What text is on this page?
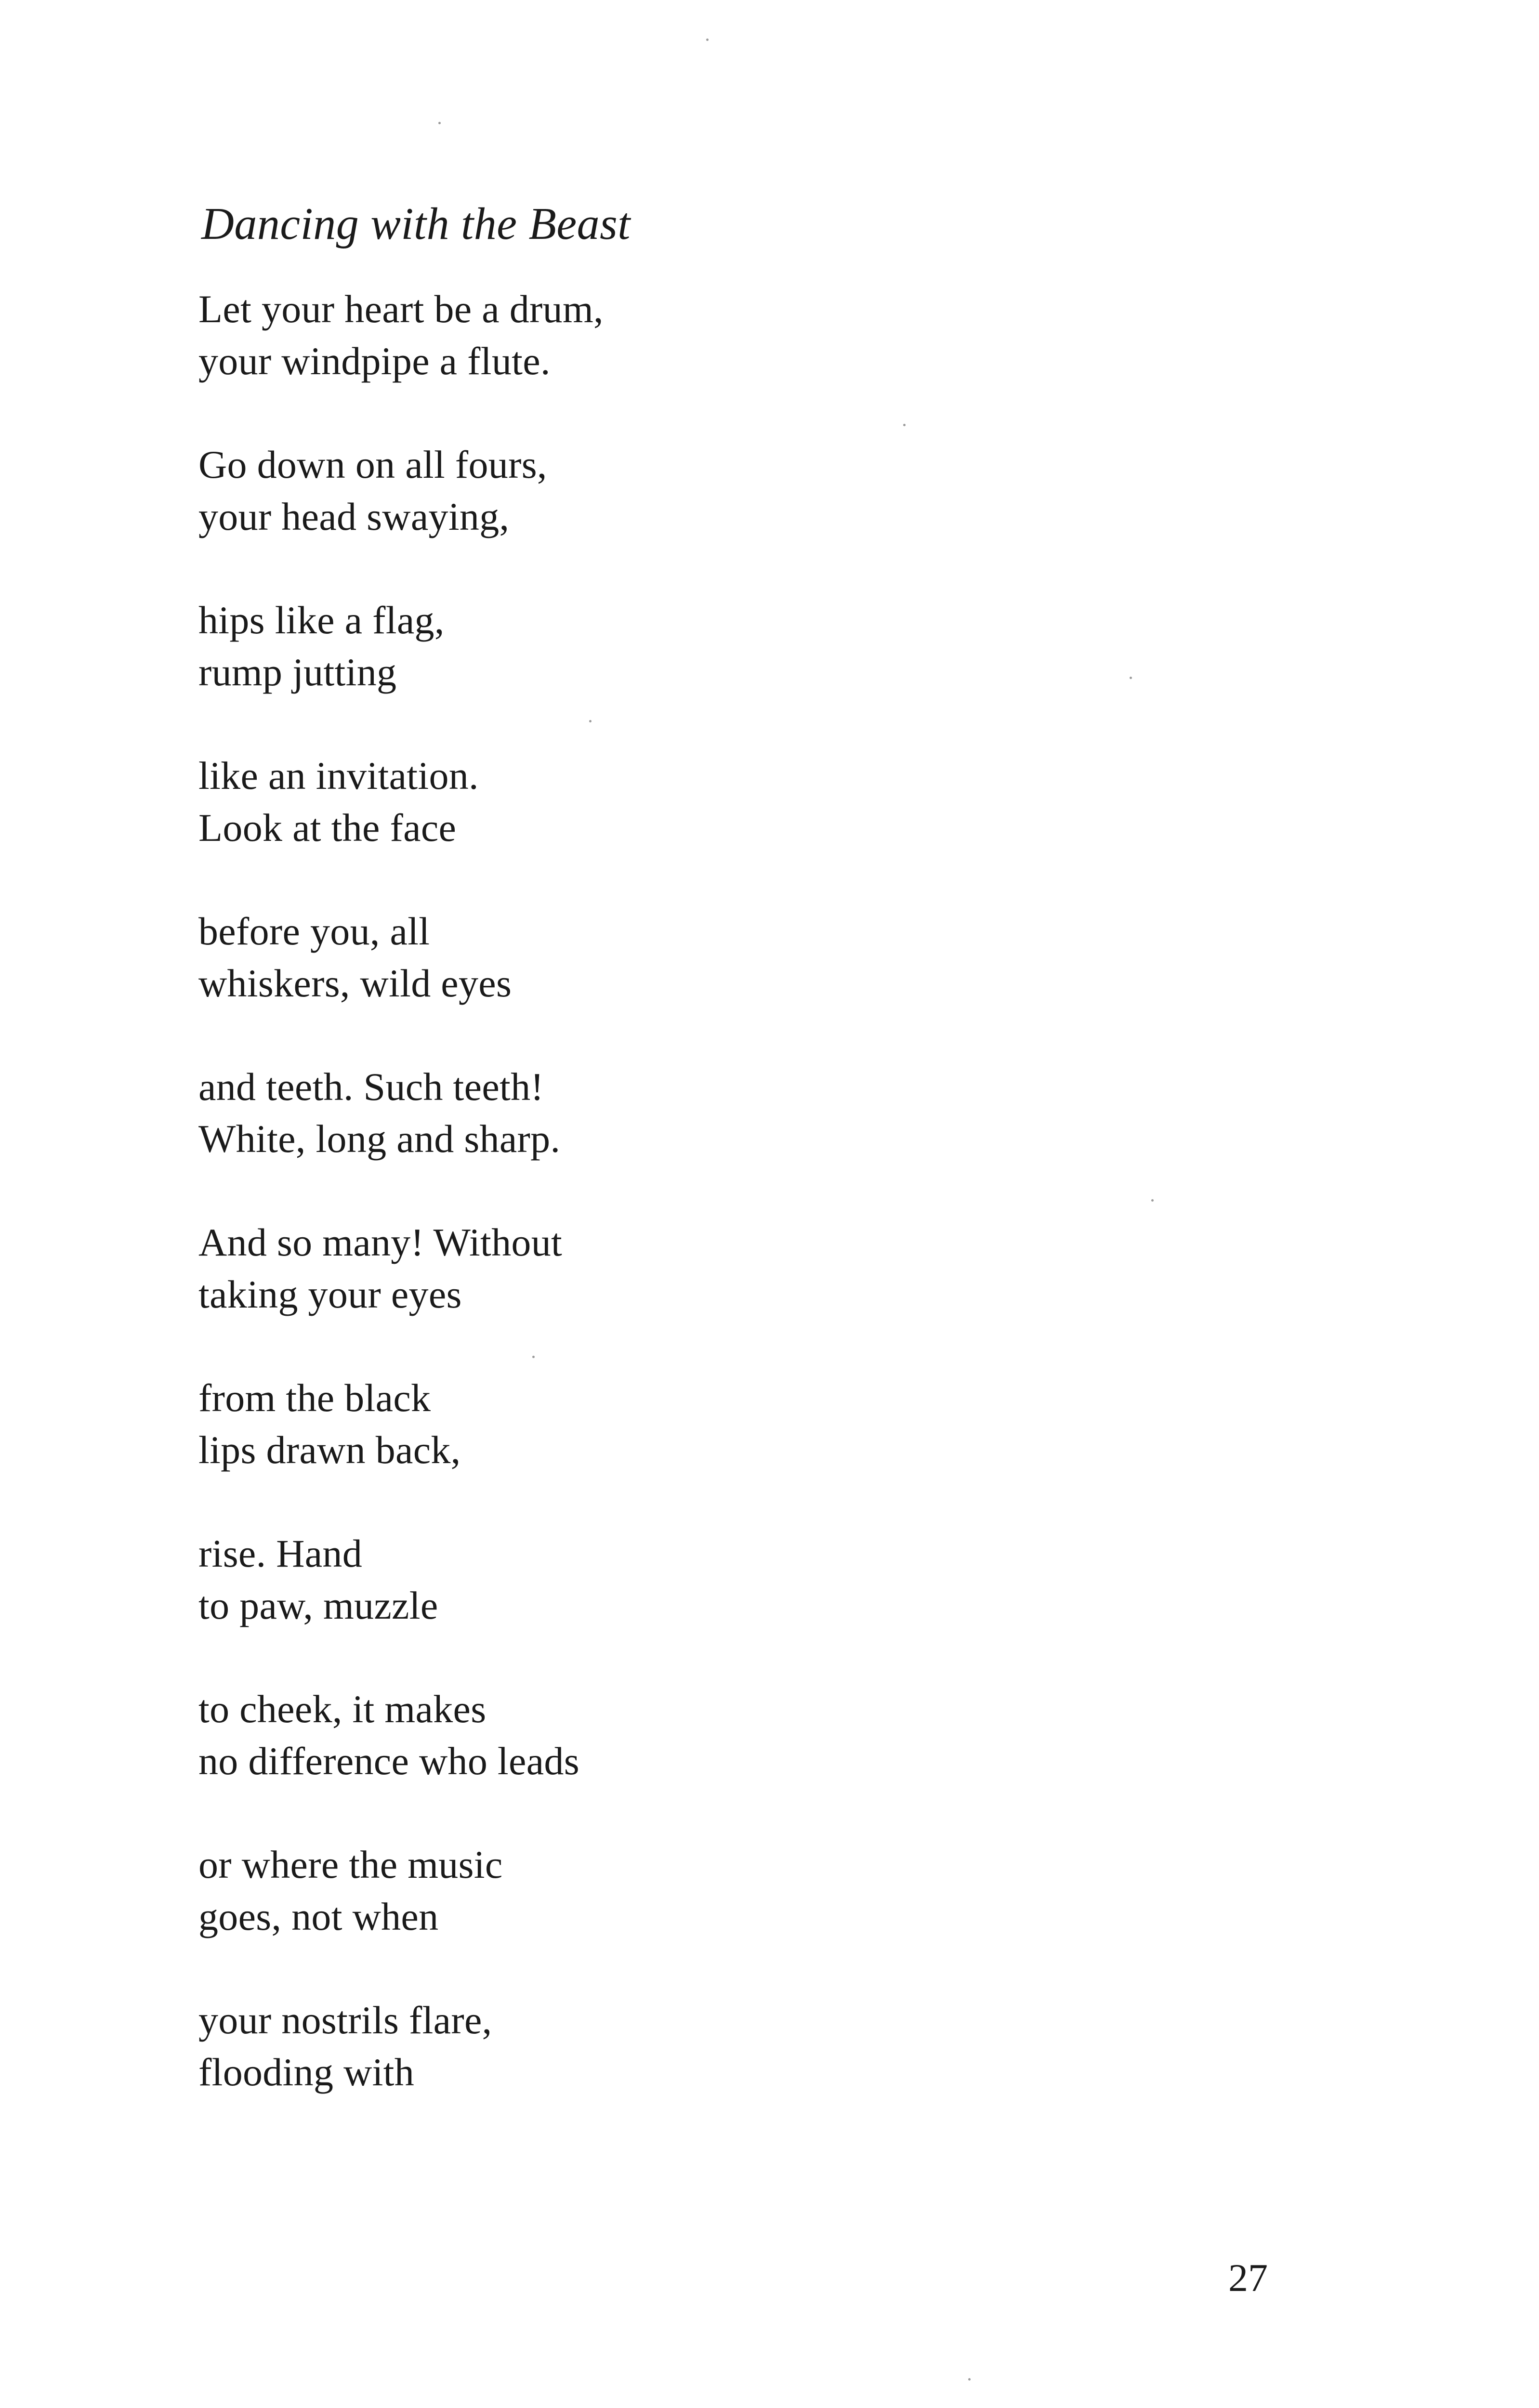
Dancing with the Beast
Let your heart be a drum,
your windpipe a flute.
Go down on all fours,
your head swaying,
hips like a flag,
rump jutting
like an invitation.
Look at the face
before you, all
whiskers, wild eyes
and teeth. Such teeth!
White, long and sharp.
And so many! Without
taking your eyes
from the black
lips drawn back,
rise. Hand
to paw, muzzle
to cheek, it makes
no difference who leads
or where the music
goes, not when
your nostrils flare,
flooding with
27
